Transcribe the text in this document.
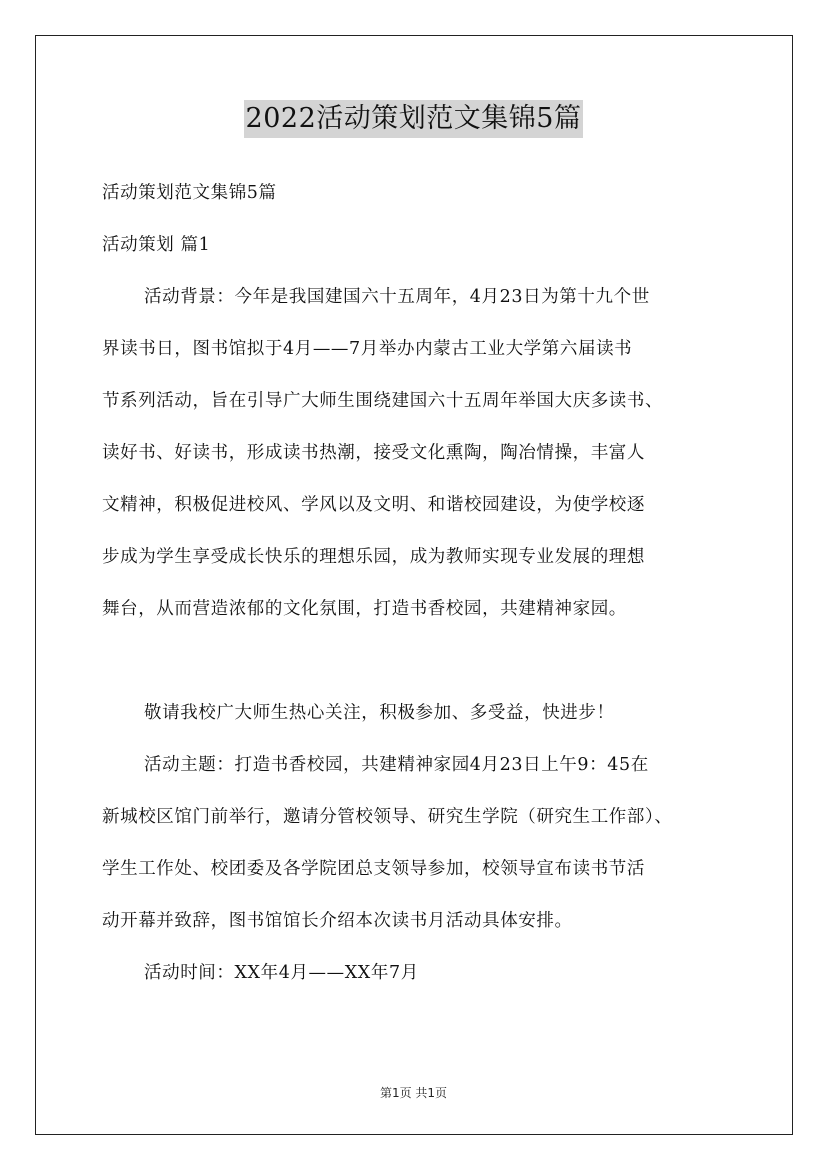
2022活动策划范文集锦5篇
活动策划范文集锦5篇
活动策划 篇1
活动背景：今年是我国建国六十五周年，4月23日为第十九个世
界读书日，图书馆拟于4月——7月举办内蒙古工业大学第六届读书
节系列活动，旨在引导广大师生围绕建国六十五周年举国大庆多读书、
读好书、好读书，形成读书热潮，接受文化熏陶，陶冶情操，丰富人
文精神，积极促进校风、学风以及文明、和谐校园建设，为使学校逐
步成为学生享受成长快乐的理想乐园，成为教师实现专业发展的理想
舞台，从而营造浓郁的文化氛围，打造书香校园，共建精神家园。
敬请我校广大师生热心关注，积极参加、多受益，快进步！
活动主题：打造书香校园，共建精神家园4月23日上午9：45在
新城校区馆门前举行，邀请分管校领导、研究生学院（研究生工作部）、
学生工作处、校团委及各学院团总支领导参加，校领导宣布读书节活
动开幕并致辞，图书馆馆长介绍本次读书月活动具体安排。
活动时间：XX年4月——XX年7月
第1页 共1页
